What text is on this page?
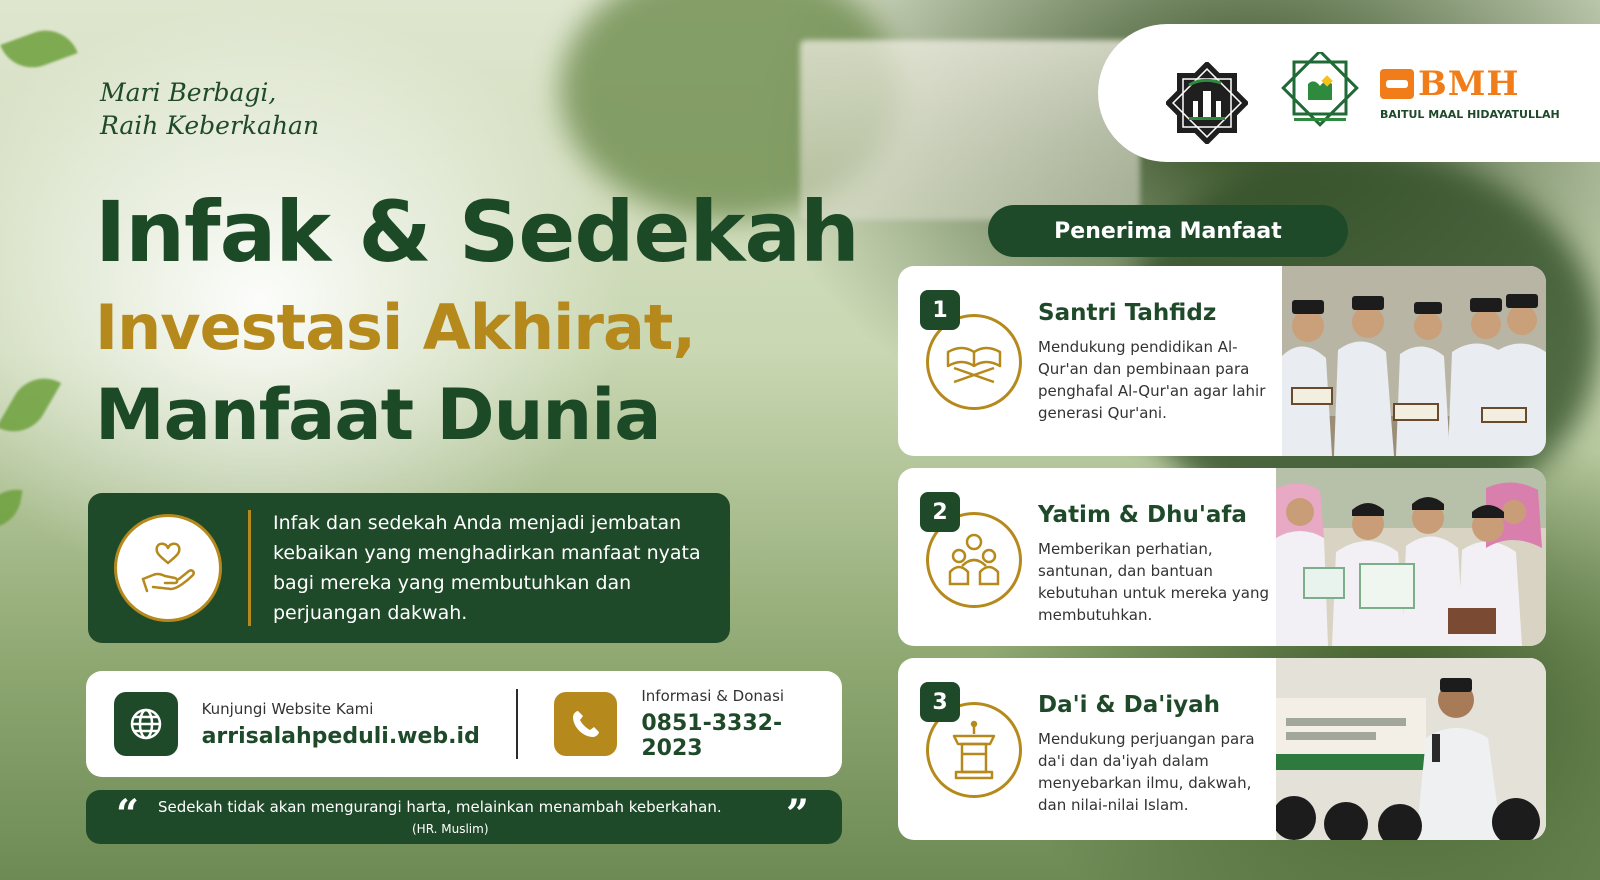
Mari Berbagi,
Raih Keberkahan
Infak & Sedekah
Investasi Akhirat,
Manfaat Dunia
Infak dan sedekah Anda menjadi jembatan kebaikan yang menghadirkan manfaat nyata bagi mereka yang membutuhkan dan perjuangan dakwah.
Kunjungi Website Kami
arrisalahpeduli.web.id
Informasi & Donasi
0851-3332-2023
“ Sedekah tidak akan mengurangi harta, melainkan menambah keberkahan.
(HR. Muslim)	”
BMH
BAITUL MAAL HIDAYATULLAH
Penerima Manfaat
1	Santri Tahfidz
Mendukung pendidikan Al-Qur'an dan pembinaan para penghafal Al-Qur'an agar lahir generasi Qur'ani.
2	Yatim & Dhu'afa
Memberikan perhatian, santunan, dan bantuan kebutuhan untuk mereka yang membutuhkan.
3	Da'i & Da'iyah
Mendukung perjuangan para da'i dan da'iyah dalam menyebarkan ilmu, dakwah, dan nilai-nilai Islam.
